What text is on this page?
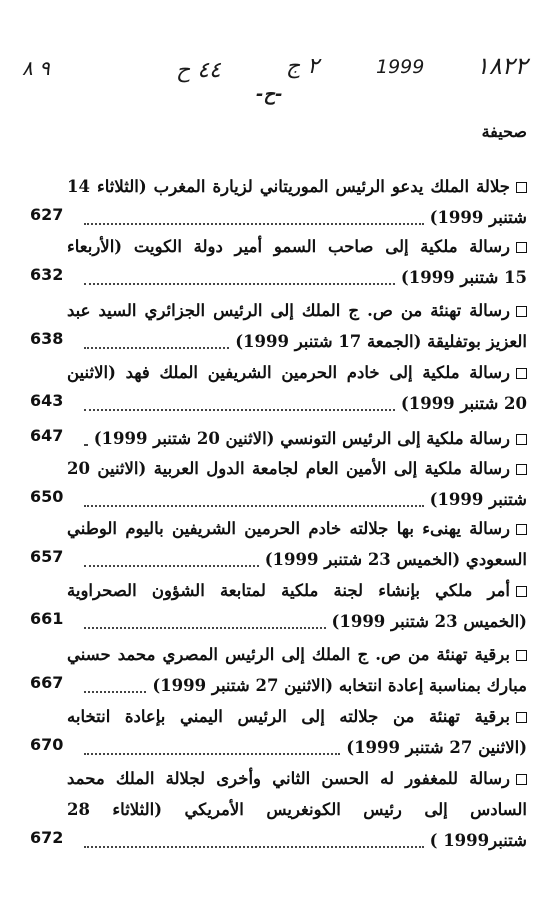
٩ ٨	٤٤ ح	٢ ج	1999 ١٨٢٢
-ح-
صحيفة
جلالة الملك يدعو الرئيس الموريتاني لزيارة المغرب (الثلاثاء 14
شتنبر 1999)
627
رسالة ملكية إلى صاحب السمو أمير دولة الكويت (الأربعاء
15 شتنبر 1999)
632
رسالة تهنئة من ص. ج الملك إلى الرئيس الجزائري السيد عبد
العزيز بوتفليقة (الجمعة 17 شتنبر 1999)
638
رسالة ملكية إلى خادم الحرمين الشريفين الملك فهد (الاثنين
20 شتنبر 1999)
643
رسالة ملكية إلى الرئيس التونسي (الاثنين 20 شتنبر 1999)
647
رسالة ملكية إلى الأمين العام لجامعة الدول العربية (الاثنين 20
شتنبر 1999)
650
رسالة يهنىء بها جلالته خادم الحرمين الشريفين باليوم الوطني
السعودي (الخميس 23 شتنبر 1999)
657
أمر ملكي بإنشاء لجنة ملكية لمتابعة الشؤون الصحراوية
(الخميس 23 شتنبر 1999)
661
برقية تهنئة من ص. ج الملك إلى الرئيس المصري محمد حسني
مبارك بمناسبة إعادة انتخابه (الاثنين 27 شتنبر 1999)
667
برقية تهنئة من جلالته إلى الرئيس اليمني بإعادة انتخابه
(الاثنين 27 شتنبر 1999)
670
رسالة للمغفور له الحسن الثاني وأخرى لجلالة الملك محمد
السادس إلى رئيس الكونغريس الأمريكي (الثلاثاء 28
شتنبر1999 )
672
